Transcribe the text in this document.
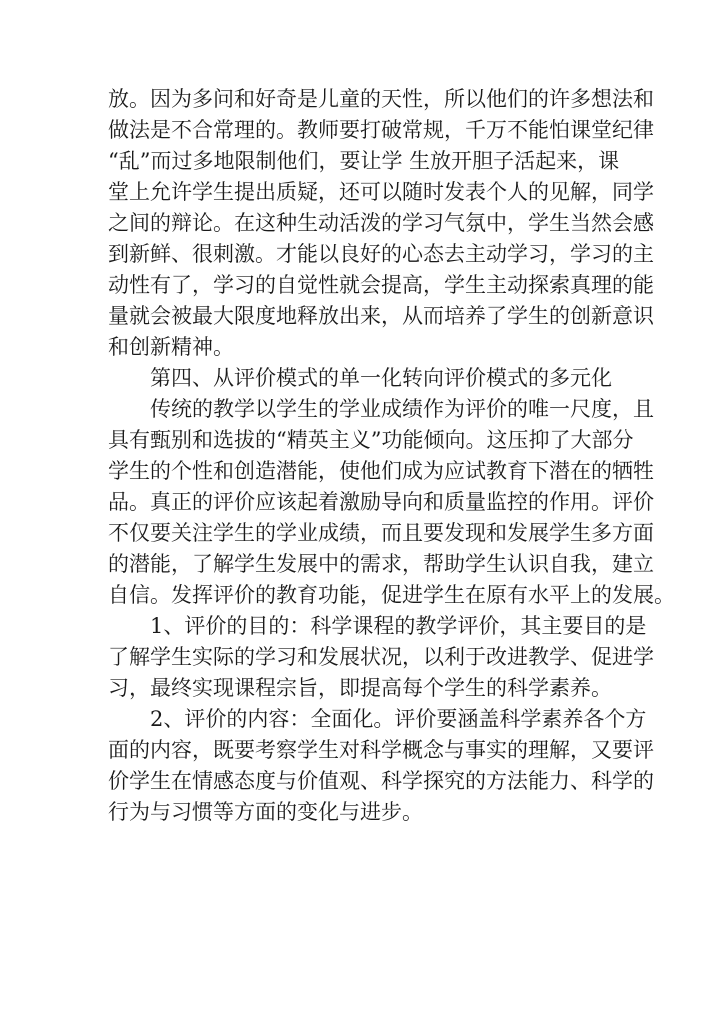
放。因为多问和好奇是儿童的天性，所以他们的许多想法和
做法是不合常理的。教师要打破常规，千万不能怕课堂纪律
“乱”而过多地限制他们，要让学 生放开胆子活起来，课
堂上允许学生提出质疑，还可以随时发表个人的见解，同学
之间的辩论。在这种生动活泼的学习气氛中，学生当然会感
到新鲜、很刺激。才能以良好的心态去主动学习，学习的主
动性有了，学习的自觉性就会提高，学生主动探索真理的能
量就会被最大限度地释放出来，从而培养了学生的创新意识
和创新精神。
第四、从评价模式的单一化转向评价模式的多元化
传统的教学以学生的学业成绩作为评价的唯一尺度，且
具有甄别和选拔的“精英主义”功能倾向。这压抑了大部分
学生的个性和创造潜能，使他们成为应试教育下潜在的牺牲
品。真正的评价应该起着激励导向和质量监控的作用。评价
不仅要关注学生的学业成绩，而且要发现和发展学生多方面
的潜能，了解学生发展中的需求，帮助学生认识自我，建立
自信。发挥评价的教育功能，促进学生在原有水平上的发展。
1、评价的目的：科学课程的教学评价，其主要目的是
了解学生实际的学习和发展状况，以利于改进教学、促进学
习，最终实现课程宗旨，即提高每个学生的科学素养。
2、评价的内容：全面化。评价要涵盖科学素养各个方
面的内容，既要考察学生对科学概念与事实的理解，又要评
价学生在情感态度与价值观、科学探究的方法能力、科学的
行为与习惯等方面的变化与进步。
